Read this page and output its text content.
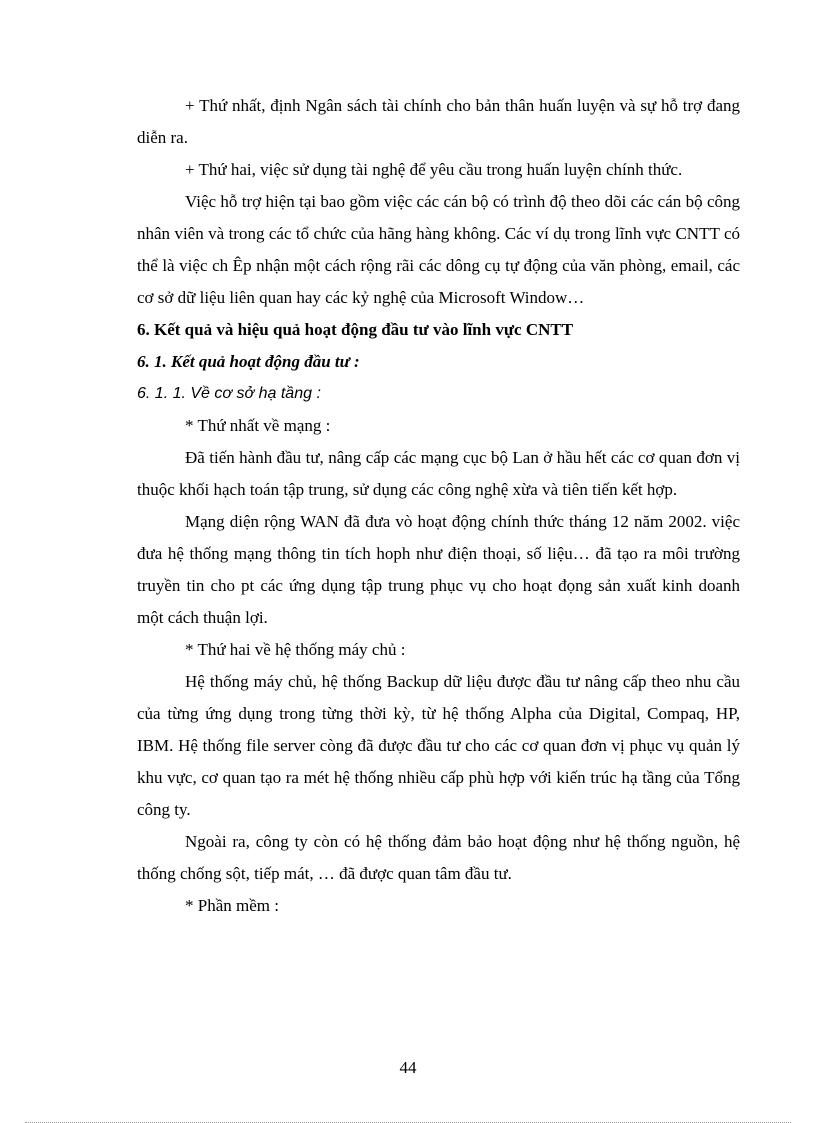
+ Thứ nhất, định Ngân sách tài chính cho bản thân huấn luyện và sự hỗ trợ đang diễn ra.

+ Thứ hai, việc sử dụng tài nghệ để yêu cầu trong huấn luyện chính thức.

Việc hỗ trợ hiện tại bao gồm việc các cán bộ có trình độ theo dõi các cán bộ công nhân viên và trong các tổ chức của hãng hàng không. Các ví dụ trong lĩnh vực CNTT có thể là việc ch Êp nhận một cách rộng rãi các dông cụ tự động của văn phòng, email, các cơ sở dữ liệu liên quan hay các kỷ nghệ của Microsoft Window…

6. Kết quả và hiệu quả hoạt động đầu tư vào lĩnh vực CNTT

6. 1. Kết quả hoạt động đầu tư :

6. 1. 1. Về cơ sở hạ tầng :

* Thứ nhất về mạng :

Đã tiến hành đầu tư, nâng cấp các mạng cục bộ Lan ở hầu hết các cơ quan đơn vị thuộc khối hạch toán tập trung, sử dụng các công nghệ xừa và tiên tiến kết hợp.

Mạng diện rộng WAN đã đưa vò hoạt động chính thức tháng 12 năm 2002. việc đưa hệ thống mạng thông tin tích hoph như điện thoại, số liệu… đã tạo ra môi trường truyền tin cho pt các ứng dụng tập trung phục vụ cho hoạt đọng sản xuất kinh doanh một cách thuận lợi.

* Thứ hai về hệ thống máy chủ :

Hệ thống máy chủ, hệ thống Backup dữ liệu được đầu tư nâng cấp theo nhu cầu của từng ứng dụng trong từng thời kỳ, từ hệ thống Alpha của Digital, Compaq, HP, IBM. Hệ thống file server còng đã được đầu tư cho các cơ quan đơn vị phục vụ quản lý khu vực, cơ quan tạo ra mét hệ thống nhiều cấp phù hợp với kiến trúc hạ tầng của Tổng công ty.

Ngoài ra, công ty còn có hệ thống đảm bảo hoạt động như hệ thống nguồn, hệ thống chống sột, tiếp mát, … đã được quan tâm đầu tư.

* Phần mềm :

44
